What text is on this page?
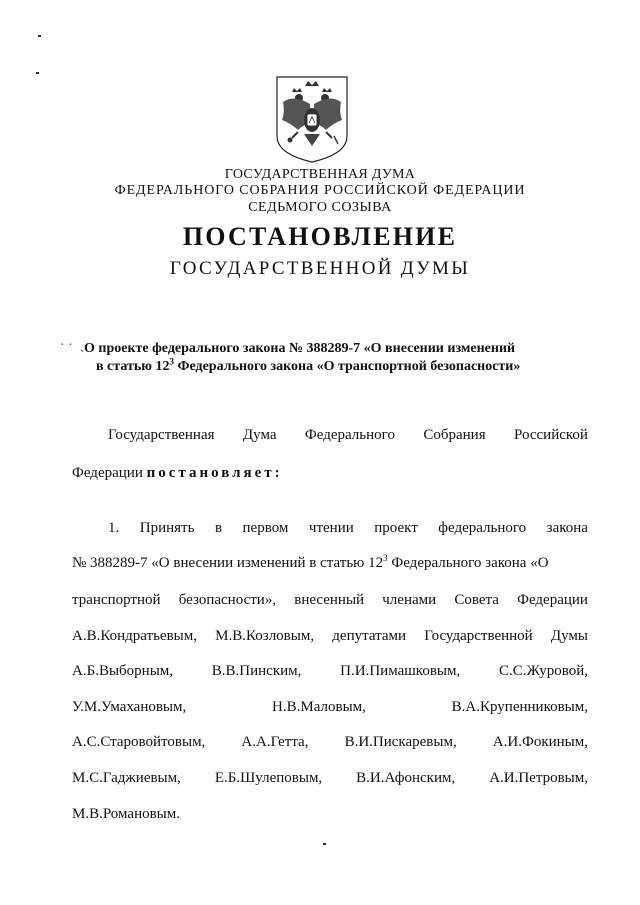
ГОСУДАРСТВЕННАЯ ДУМА
ФЕДЕРАЛЬНОГО СОБРАНИЯ РОССИЙСКОЙ ФЕДЕРАЦИИ
СЕДЬМОГО СОЗЫВА
ПОСТАНОВЛЕНИЕ
ГОСУДАРСТВЕННОЙ ДУМЫ
· ·  ˎ О проекте федерального закона № 388289-7 «О внесении изменений
в статью $12^3$ Федерального закона «О транспортной безопасности»
Государственная Дума Федерального Собрания Российской
Федерации постановляет:
1. Принять в первом чтении проект федерального закона
№ 388289-7 «О внесении изменений в статью $12^3$ Федерального закона «О
транспортной безопасности», внесенный членами Совета Федерации
А.В.Кондратьевым, М.В.Козловым, депутатами Государственной Думы
А.Б.Выборным,	В.В.Пинским,	П.И.Пимашковым,	С.С.Журовой,
У.М.Умахановым,	Н.В.Маловым,	В.А.Крупенниковым,
А.С.Старовойтовым, А.А.Гетта, В.И.Пискаревым, А.И.Фокиным,
М.С.Гаджиевым, Е.Б.Шулеповым, В.И.Афонским, А.И.Петровым,
М.В.Романовым.
